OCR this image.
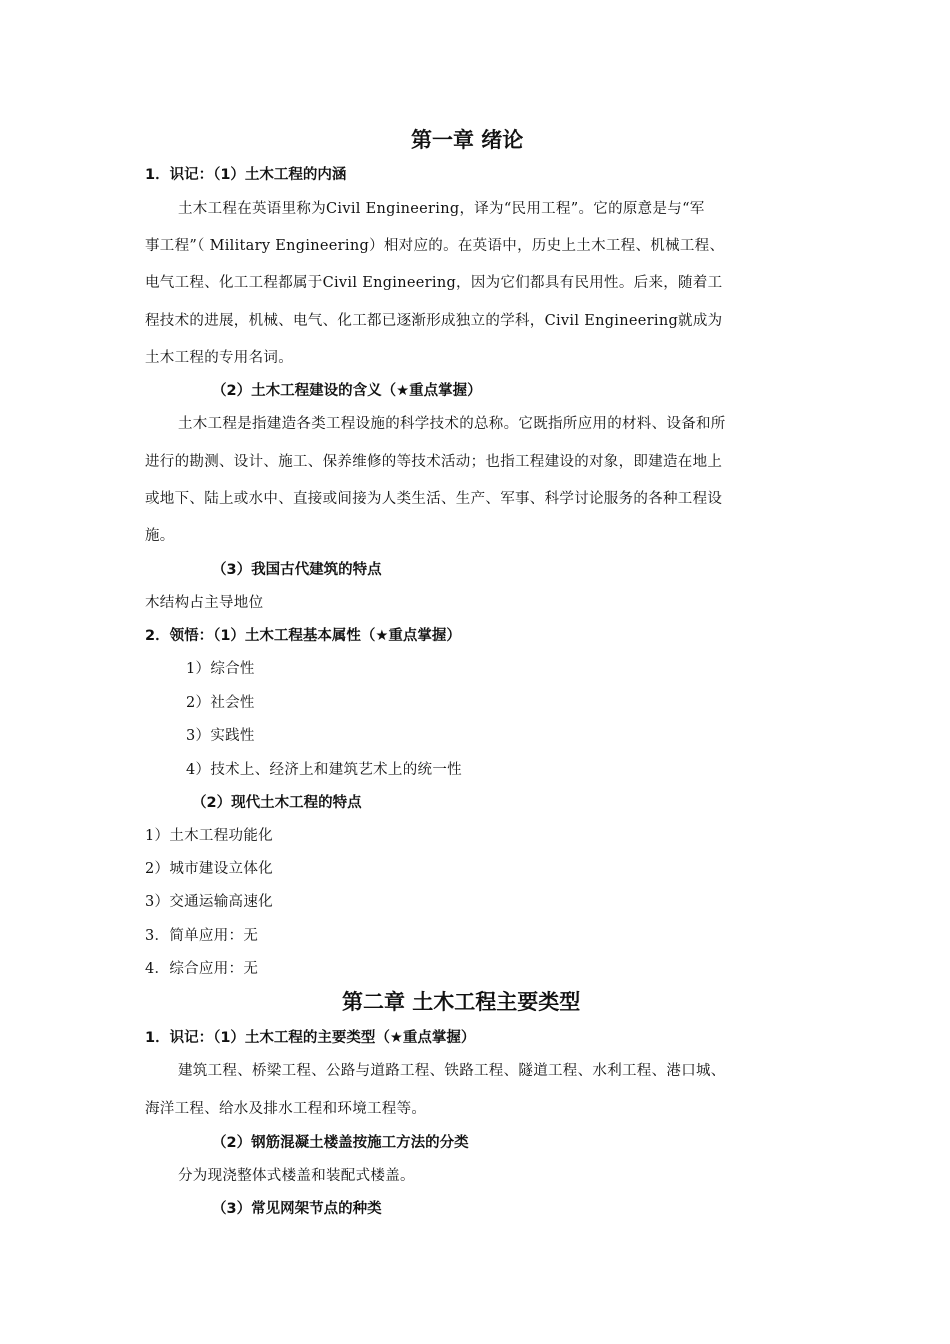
第一章 绪论
1．识记：（1）土木工程的内涵
土木工程在英语里称为Civil Engineering，译为“民用工程”。它的原意是与“军
事工程”（ Military Engineering）相对应的。在英语中，历史上土木工程、机械工程、
电气工程、化工工程都属于Civil Engineering，因为它们都具有民用性。后来，随着工
程技术的进展，机械、电气、化工都已逐渐形成独立的学科，Civil Engineering就成为
土木工程的专用名词。
（2）土木工程建设的含义（★重点掌握）
土木工程是指建造各类工程设施的科学技术的总称。它既指所应用的材料、设备和所
进行的勘测、设计、施工、保养维修的等技术活动；也指工程建设的对象，即建造在地上
或地下、陆上或水中、直接或间接为人类生活、生产、军事、科学讨论服务的各种工程设
施。
（3）我国古代建筑的特点
木结构占主导地位
2．领悟：（1）土木工程基本属性（★重点掌握）
1）综合性
2）社会性
3）实践性
4）技术上、经济上和建筑艺术上的统一性
（2）现代土木工程的特点
1）土木工程功能化
2）城市建设立体化
3）交通运输高速化
3．简单应用：无
4．综合应用：无
第二章 土木工程主要类型
1．识记：（1）土木工程的主要类型（★重点掌握）
建筑工程、桥梁工程、公路与道路工程、铁路工程、隧道工程、水利工程、港口城、
海洋工程、给水及排水工程和环境工程等。
（2）钢筋混凝土楼盖按施工方法的分类
分为现浇整体式楼盖和装配式楼盖。
（3）常见网架节点的种类
